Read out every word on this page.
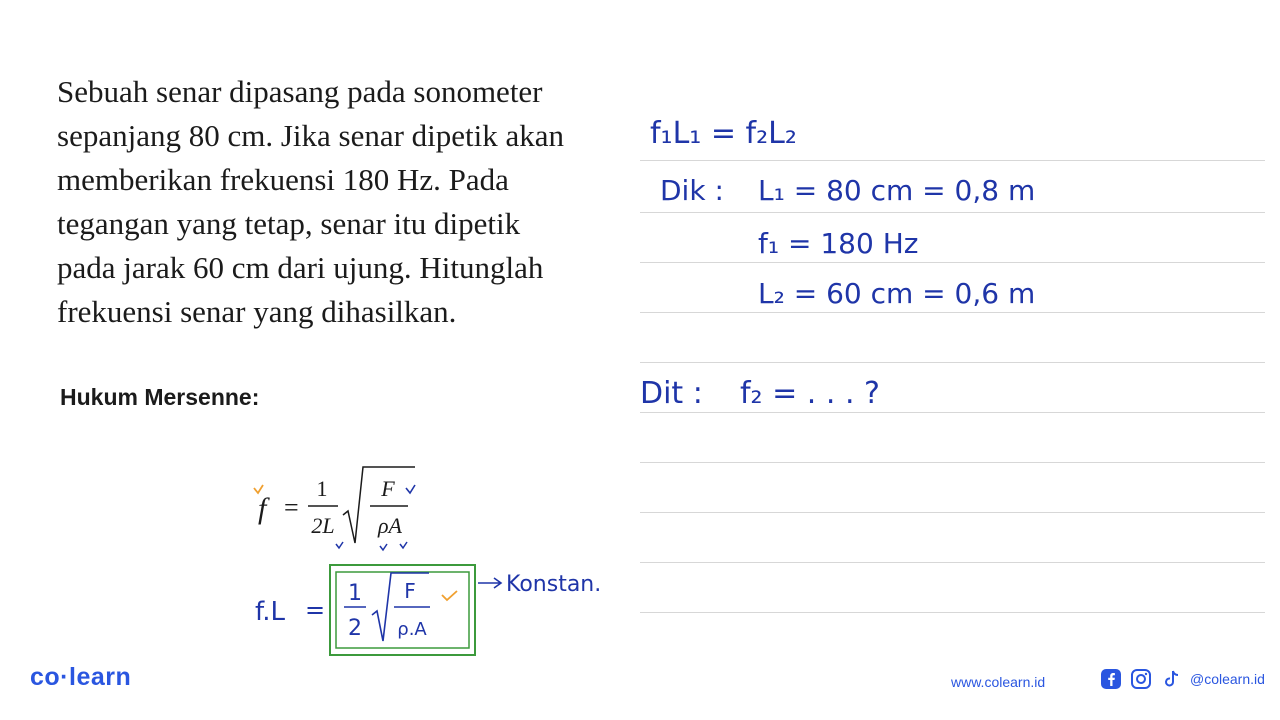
Sebuah senar dipasang pada sonometer
sepanjang 80 cm. Jika senar dipetik akan
memberikan frekuensi 180 Hz. Pada
tegangan yang tetap, senar itu dipetik
pada jarak 60 cm dari ujung. Hitunglah
frekuensi senar yang dihasilkan.
Hukum Mersenne:
f =
1
2L
F
ρA
f.L =
1
2
F
ρ.A
Konstan.
f₁L₁ = f₂L₂
Dik : L₁ = 80 cm = 0,8 m
f₁ = 180 Hz
L₂ = 60 cm = 0,6 m
Dit : f₂ = . . . ?
co·learn	www.colearn.id	@colearn.id
